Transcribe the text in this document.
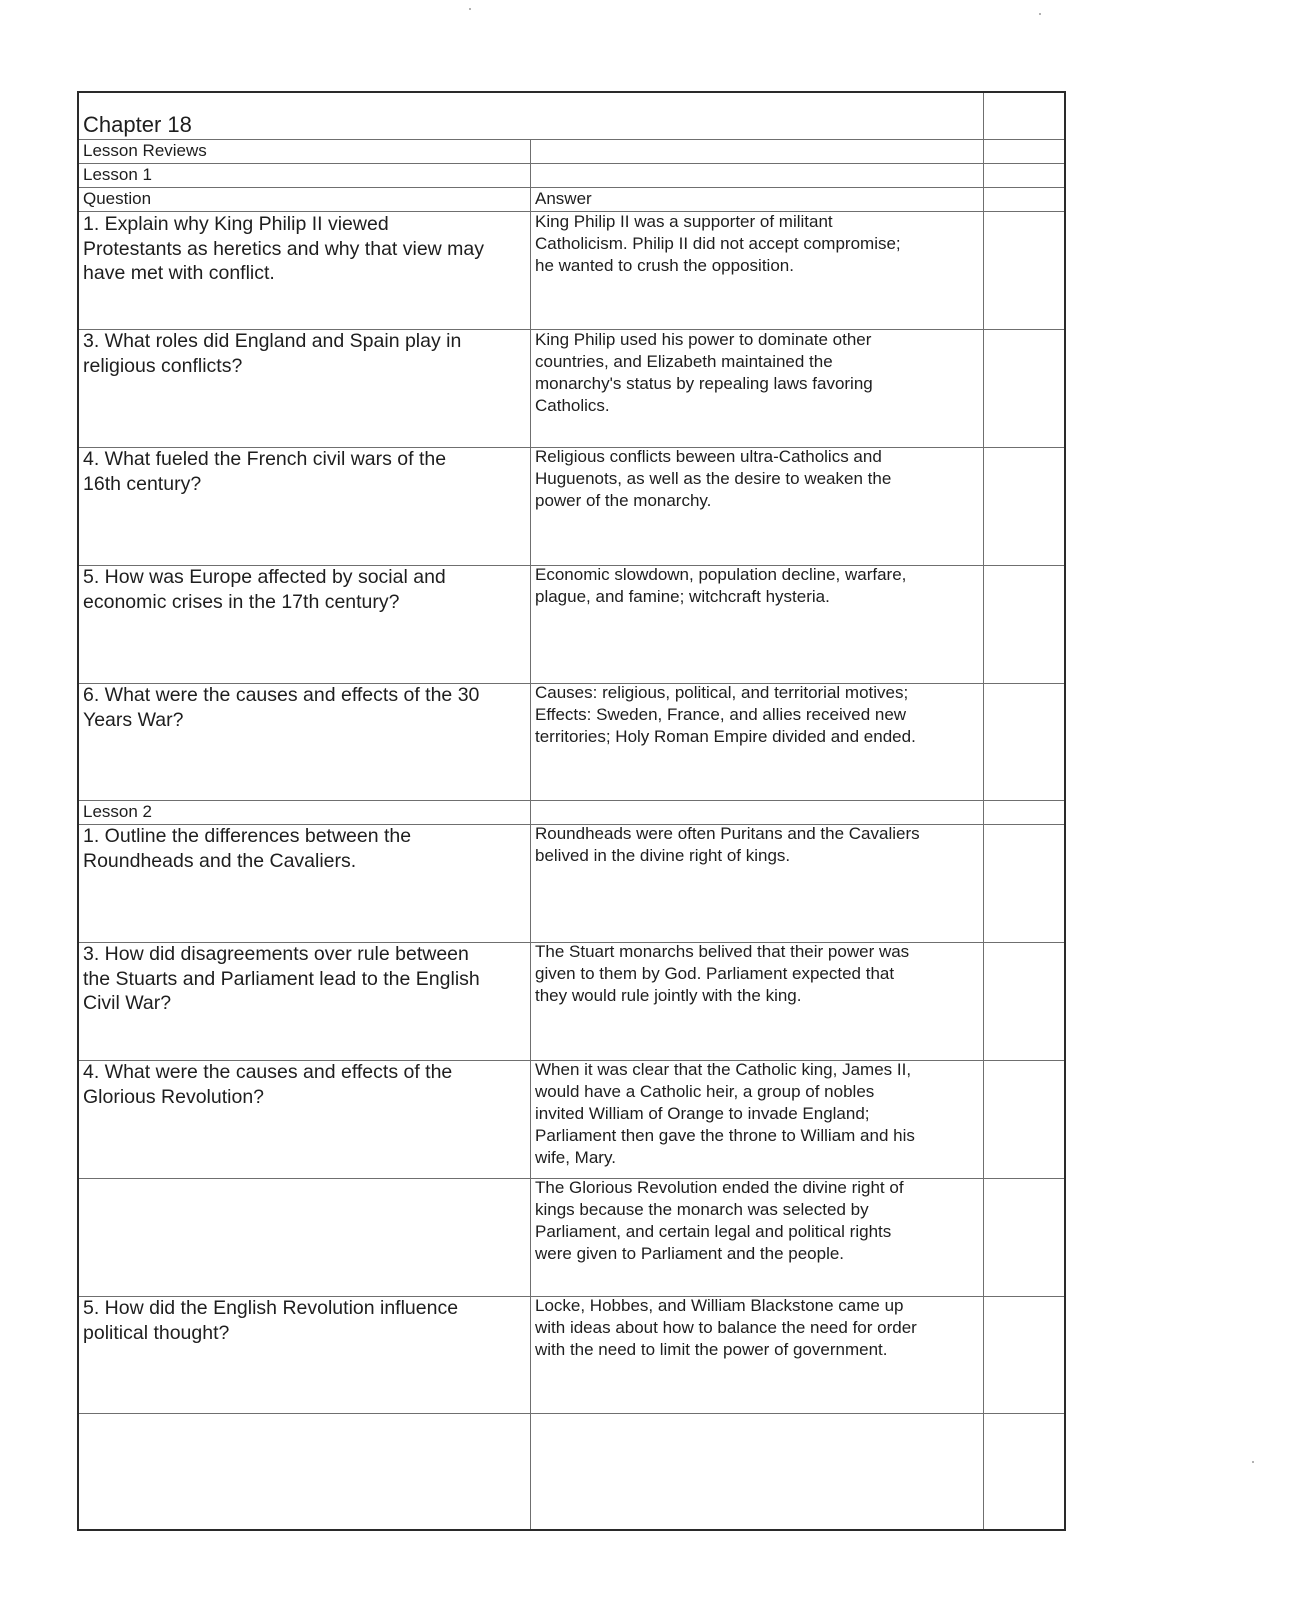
Chapter 18
Lesson Reviews
Lesson 1
Question	Answer
1. Explain why King Philip II viewed
Protestants as heretics and why that view may
have met with conflict.
King Philip II was a supporter of militant
Catholicism. Philip II did not accept compromise;
he wanted to crush the opposition.
3. What roles did England and Spain play in
religious conflicts?
King Philip used his power to dominate other
countries, and Elizabeth maintained the
monarchy's status by repealing laws favoring
Catholics.
4. What fueled the French civil wars of the
16th century?
Religious conflicts beween ultra-Catholics and
Huguenots, as well as the desire to weaken the
power of the monarchy.
5. How was Europe affected by social and
economic crises in the 17th century?
Economic slowdown, population decline, warfare,
plague, and famine; witchcraft hysteria.
6. What were the causes and effects of the 30
Years War?
Causes: religious, political, and territorial motives;
Effects: Sweden, France, and allies received new
territories; Holy Roman Empire divided and ended.
Lesson 2
1. Outline the differences between the
Roundheads and the Cavaliers.
Roundheads were often Puritans and the Cavaliers
belived in the divine right of kings.
3. How did disagreements over rule between
the Stuarts and Parliament lead to the English
Civil War?
The Stuart monarchs belived that their power was
given to them by God. Parliament expected that
they would rule jointly with the king.
4. What were the causes and effects of the
Glorious Revolution?
When it was clear that the Catholic king, James II,
would have a Catholic heir, a group of nobles
invited William of Orange to invade England;
Parliament then gave the throne to William and his
wife, Mary.
The Glorious Revolution ended the divine right of
kings because the monarch was selected by
Parliament, and certain legal and political rights
were given to Parliament and the people.
5. How did the English Revolution influence
political thought?
Locke, Hobbes, and William Blackstone came up
with ideas about how to balance the need for order
with the need to limit the power of government.
